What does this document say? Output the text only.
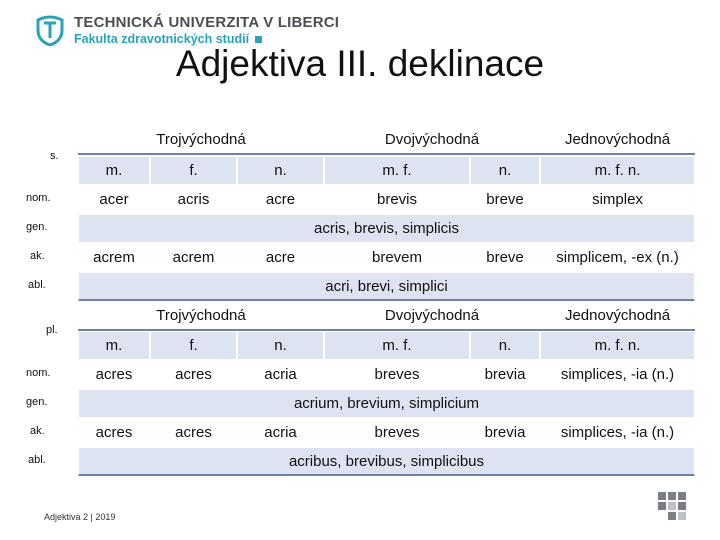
TECHNICKÁ UNIVERZITA V LIBERCI
Fakulta zdravotnických studií
Adjektiva III. deklinace
s.
Trojvýchodná	Dvojvýchodná	Jednovýchodná
m.	f.	n.	m. f.	n.	m. f. n.
nom.	acer	acris	acre	brevis	breve	simplex
gen.	acris, brevis, simplicis
ak.	acrem	acrem	acre	brevem	breve	simplicem, -ex (n.)
abl.	acri, brevi, simplici
pl.
Trojvýchodná	Dvojvýchodná	Jednovýchodná
m.	f.	n.	m. f.	n.	m. f. n.
nom.	acres	acres	acria	breves	brevia	simplices, -ia (n.)
gen.	acrium, brevium, simplicium
ak.	acres	acres	acria	breves	brevia	simplices, -ia (n.)
abl.	acribus, brevibus, simplicibus
Adjektiva 2 | 2019
